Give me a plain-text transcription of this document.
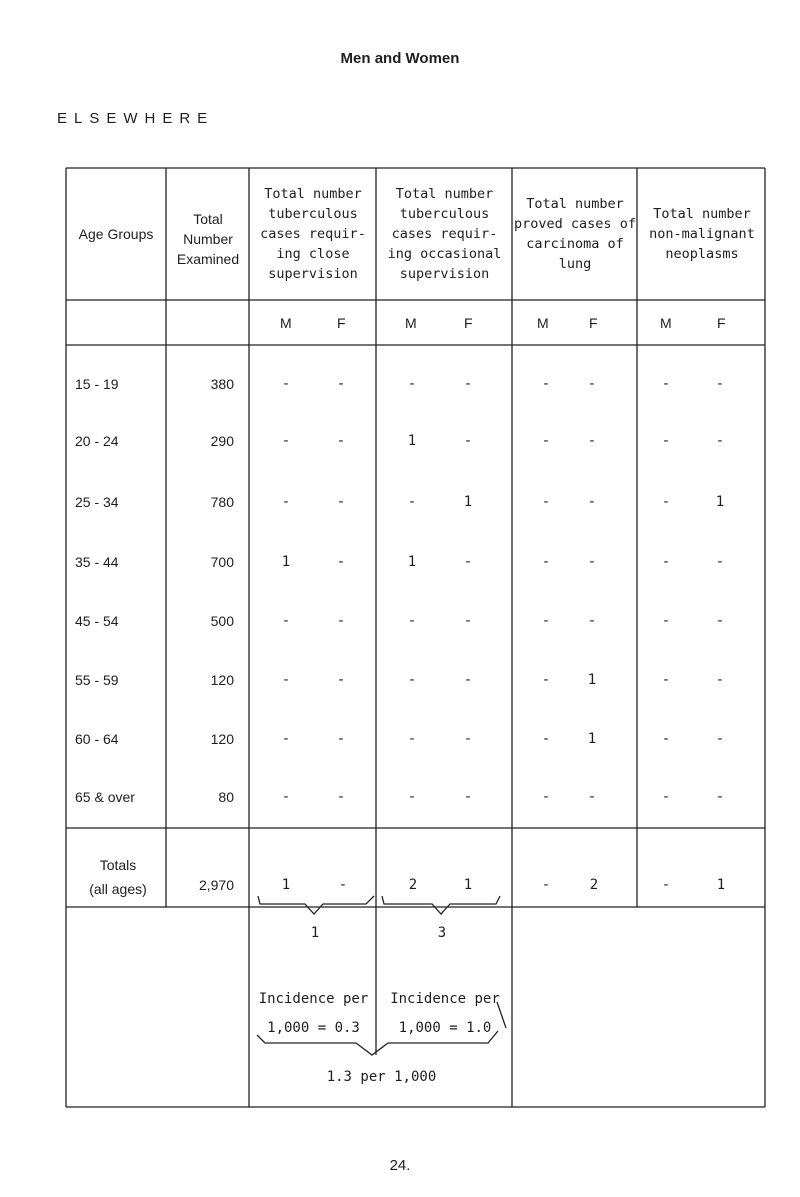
Men and Women
ELSEWHERE
Age Groups
Total Number Examined
Total number tuberculous cases requir- ing close supervision
Total number tuberculous cases requir- ing occasional supervision
Total number proved cases of carcinoma of lung
Total number non-malignant neoplasms
M	F	M	F	M	F	M	F
15 - 19	380	-	-	-	-	-	-	-	-
20 - 24	290	-	-	1	-	-	-	-	-
25 - 34	780	-	-	-	1	-	-	-	1
35 - 44	700	1	-	1	-	-	-	-	-
45 - 54	500	-	-	-	-	-	-	-	-
55 - 59	120	-	-	-	-	-	1	-	-
60 - 64	120	-	-	-	-	-	1	-	-
65 & over	80	-	-	-	-	-	-	-	-
Totals
(all ages)	2,970	1	-	2	1	-	2	-	1
1	3
Incidence per
1,000 = 0.3
Incidence per
1,000 = 1.0
1.3 per 1,000
24.
